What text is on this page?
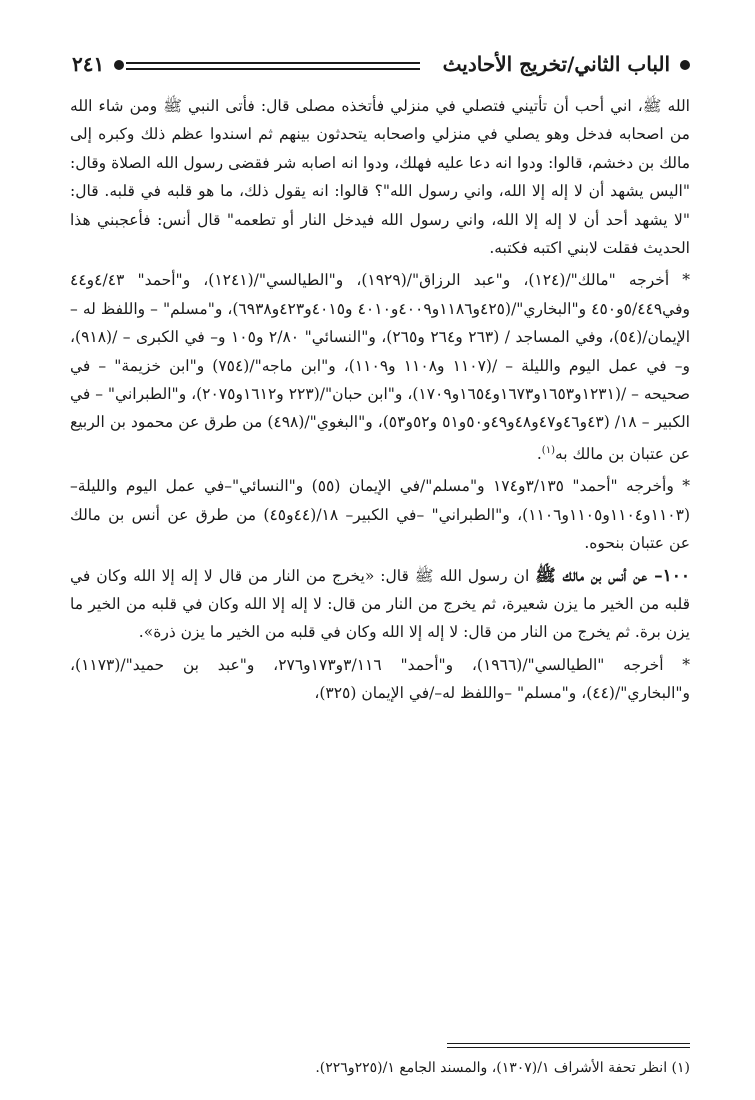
الباب الثاني/تخريج الأحاديث
٢٤١

الله ﷺ، اني أحب أن تأتيني فتصلي في منزلي فأتخذه مصلى قال: فأتى النبي ﷺ ومن شاء الله من اصحابه فدخل وهو يصلي في منزلي واصحابه يتحدثون بينهم ثم اسندوا عظم ذلك وكبره إلى مالك بن دخشم، قالوا: ودوا انه دعا عليه فهلك، ودوا انه اصابه شر فقضى رسول الله الصلاة وقال: "اليس يشهد أن لا إله إلا الله، واني رسول الله"؟ قالوا: انه يقول ذلك، ما هو قلبه في قلبه. قال: "لا يشهد أحد أن لا إله إلا الله، واني رسول الله فيدخل النار أو تطعمه" قال أنس: فأعجبني هذا الحديث فقلت لابني اكتبه فكتبه.

* أخرجه "مالك"/(١٢٤)، و"عبد الرزاق"/(١٩٢٩)، و"الطيالسي"/(١٢٤١)، و"أحمد" ٤/٤٣و٤٤ وفي٥/٤٤٩و٤٥٠ و"البخاري"/(٤٢٥و١١٨٦و٤٠٠٩و٤٠١٠ و٤٠١٥و٤٢٣و٦٩٣٨)، و"مسلم" – واللفظ له – الإيمان/(٥٤)، وفي المساجد / (٢٦٣ و٢٦٤ و٢٦٥)، و"النسائي" ٢/٨٠ و١٠٥ و– في الكبرى – /(٩١٨)، و– في عمل اليوم والليلة – /(١١٠٧ و١١٠٨ و١١٠٩)، و"ابن ماجه"/(٧٥٤) و"ابن خزيمة" – في صحيحه – /(١٢٣١و١٦٥٣و١٦٧٣و١٦٥٤و١٧٠٩)، و"ابن حبان"/(٢٢٣ و١٦١٢و٢٠٧٥)، و"الطبراني" – في الكبير – ١٨/ (٤٣و٤٦و٤٧و٤٨و٤٩و٥٠و٥١ و٥٢و٥٣)، و"البغوي"/(٤٩٨) من طرق عن محمود بن الربيع عن عتبان بن مالك به$^{(١)}$.

* وأخرجه "أحمد" ٣/١٣٥و١٧٤ و"مسلم"/في الإيمان (٥٥) و"النسائي"–في عمل اليوم والليلة– (١١٠٣و١١٠٤و١١٠٥و١١٠٦)، و"الطبراني" –في الكبير– ١٨/(٤٤و٤٥) من طرق عن أنس بن مالك عن عتبان بنحوه.

١٠٠– عن أنس بن مالك ﷺ ان رسول الله ﷺ قال: «يخرج من النار من قال لا إله إلا الله وكان في قلبه من الخير ما يزن شعيرة، ثم يخرج من النار من قال: لا إله إلا الله وكان في قلبه من الخير ما يزن برة. ثم يخرج من النار من قال: لا إله إلا الله وكان في قلبه من الخير ما يزن ذرة».

* أخرجه "الطيالسي"/(١٩٦٦)، و"أحمد" ٣/١١٦و١٧٣و٢٧٦، و"عبد بن حميد"/(١١٧٣)، و"البخاري"/(٤٤)، و"مسلم" –واللفظ له–/في الإيمان (٣٢٥)،

(١) انظر تحفة الأشراف ١/(١٣٠٧)، والمسند الجامع ١/(٢٢٥و٢٢٦).
